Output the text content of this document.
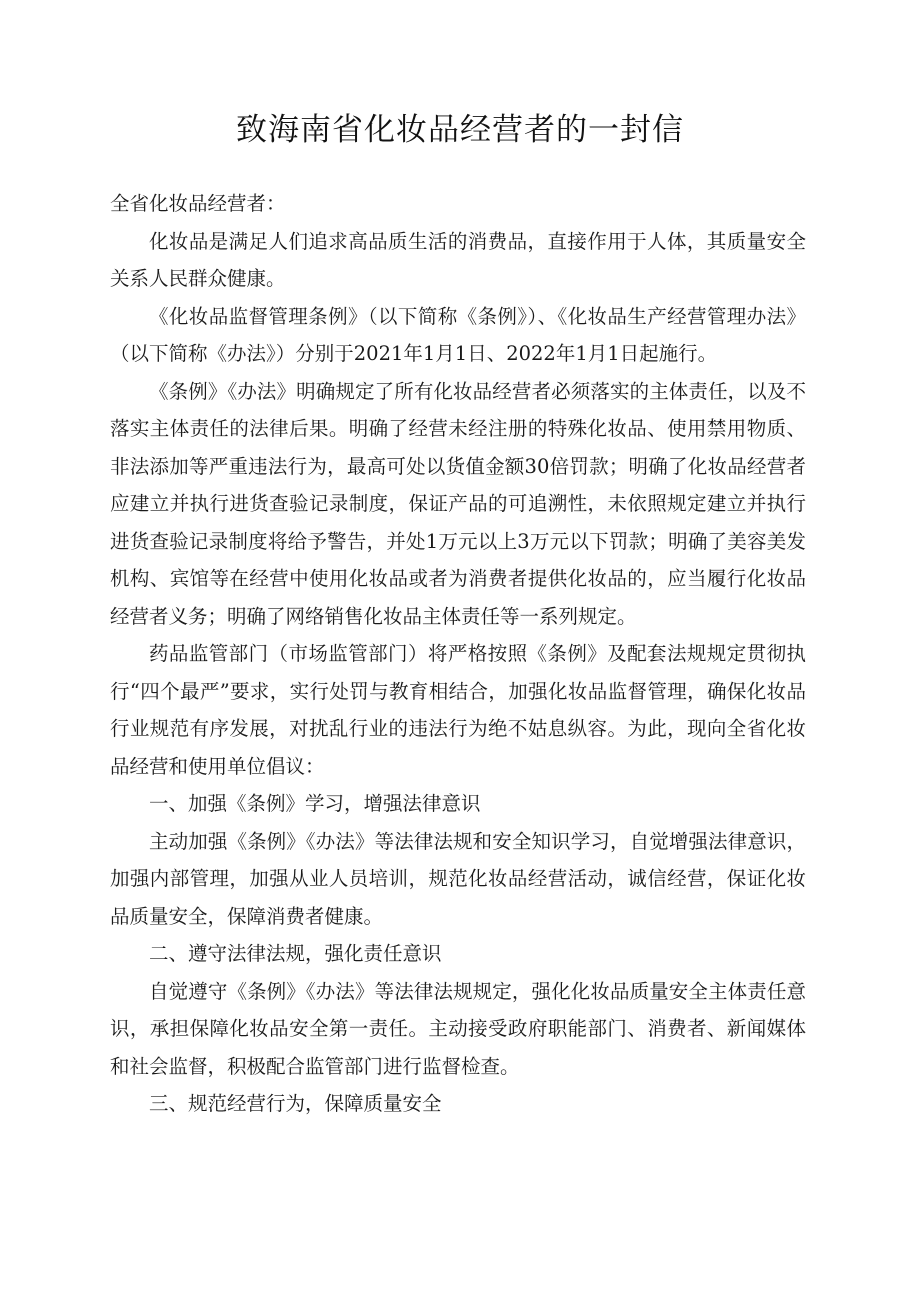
致海南省化妆品经营者的一封信

全省化妆品经营者：

化妆品是满足人们追求高品质生活的消费品，直接作用于人体，其质量安全关系人民群众健康。

《化妆品监督管理条例》（以下简称《条例》）、《化妆品生产经营管理办法》（以下简称《办法》）分别于2021年1月1日、2022年1月1日起施行。

《条例》《办法》明确规定了所有化妆品经营者必须落实的主体责任，以及不落实主体责任的法律后果。明确了经营未经注册的特殊化妆品、使用禁用物质、非法添加等严重违法行为，最高可处以货值金额30倍罚款；明确了化妆品经营者应建立并执行进货查验记录制度，保证产品的可追溯性，未依照规定建立并执行进货查验记录制度将给予警告，并处1万元以上3万元以下罚款；明确了美容美发机构、宾馆等在经营中使用化妆品或者为消费者提供化妆品的，应当履行化妆品经营者义务；明确了网络销售化妆品主体责任等一系列规定。

药品监管部门（市场监管部门）将严格按照《条例》及配套法规规定贯彻执行“四个最严”要求，实行处罚与教育相结合，加强化妆品监督管理，确保化妆品行业规范有序发展，对扰乱行业的违法行为绝不姑息纵容。为此，现向全省化妆品经营和使用单位倡议：

一、加强《条例》学习，增强法律意识

主动加强《条例》《办法》等法律法规和安全知识学习，自觉增强法律意识，加强内部管理，加强从业人员培训，规范化妆品经营活动，诚信经营，保证化妆品质量安全，保障消费者健康。

二、遵守法律法规，强化责任意识

自觉遵守《条例》《办法》等法律法规规定，强化化妆品质量安全主体责任意识，承担保障化妆品安全第一责任。主动接受政府职能部门、消费者、新闻媒体和社会监督，积极配合监管部门进行监督检查。

三、规范经营行为，保障质量安全
